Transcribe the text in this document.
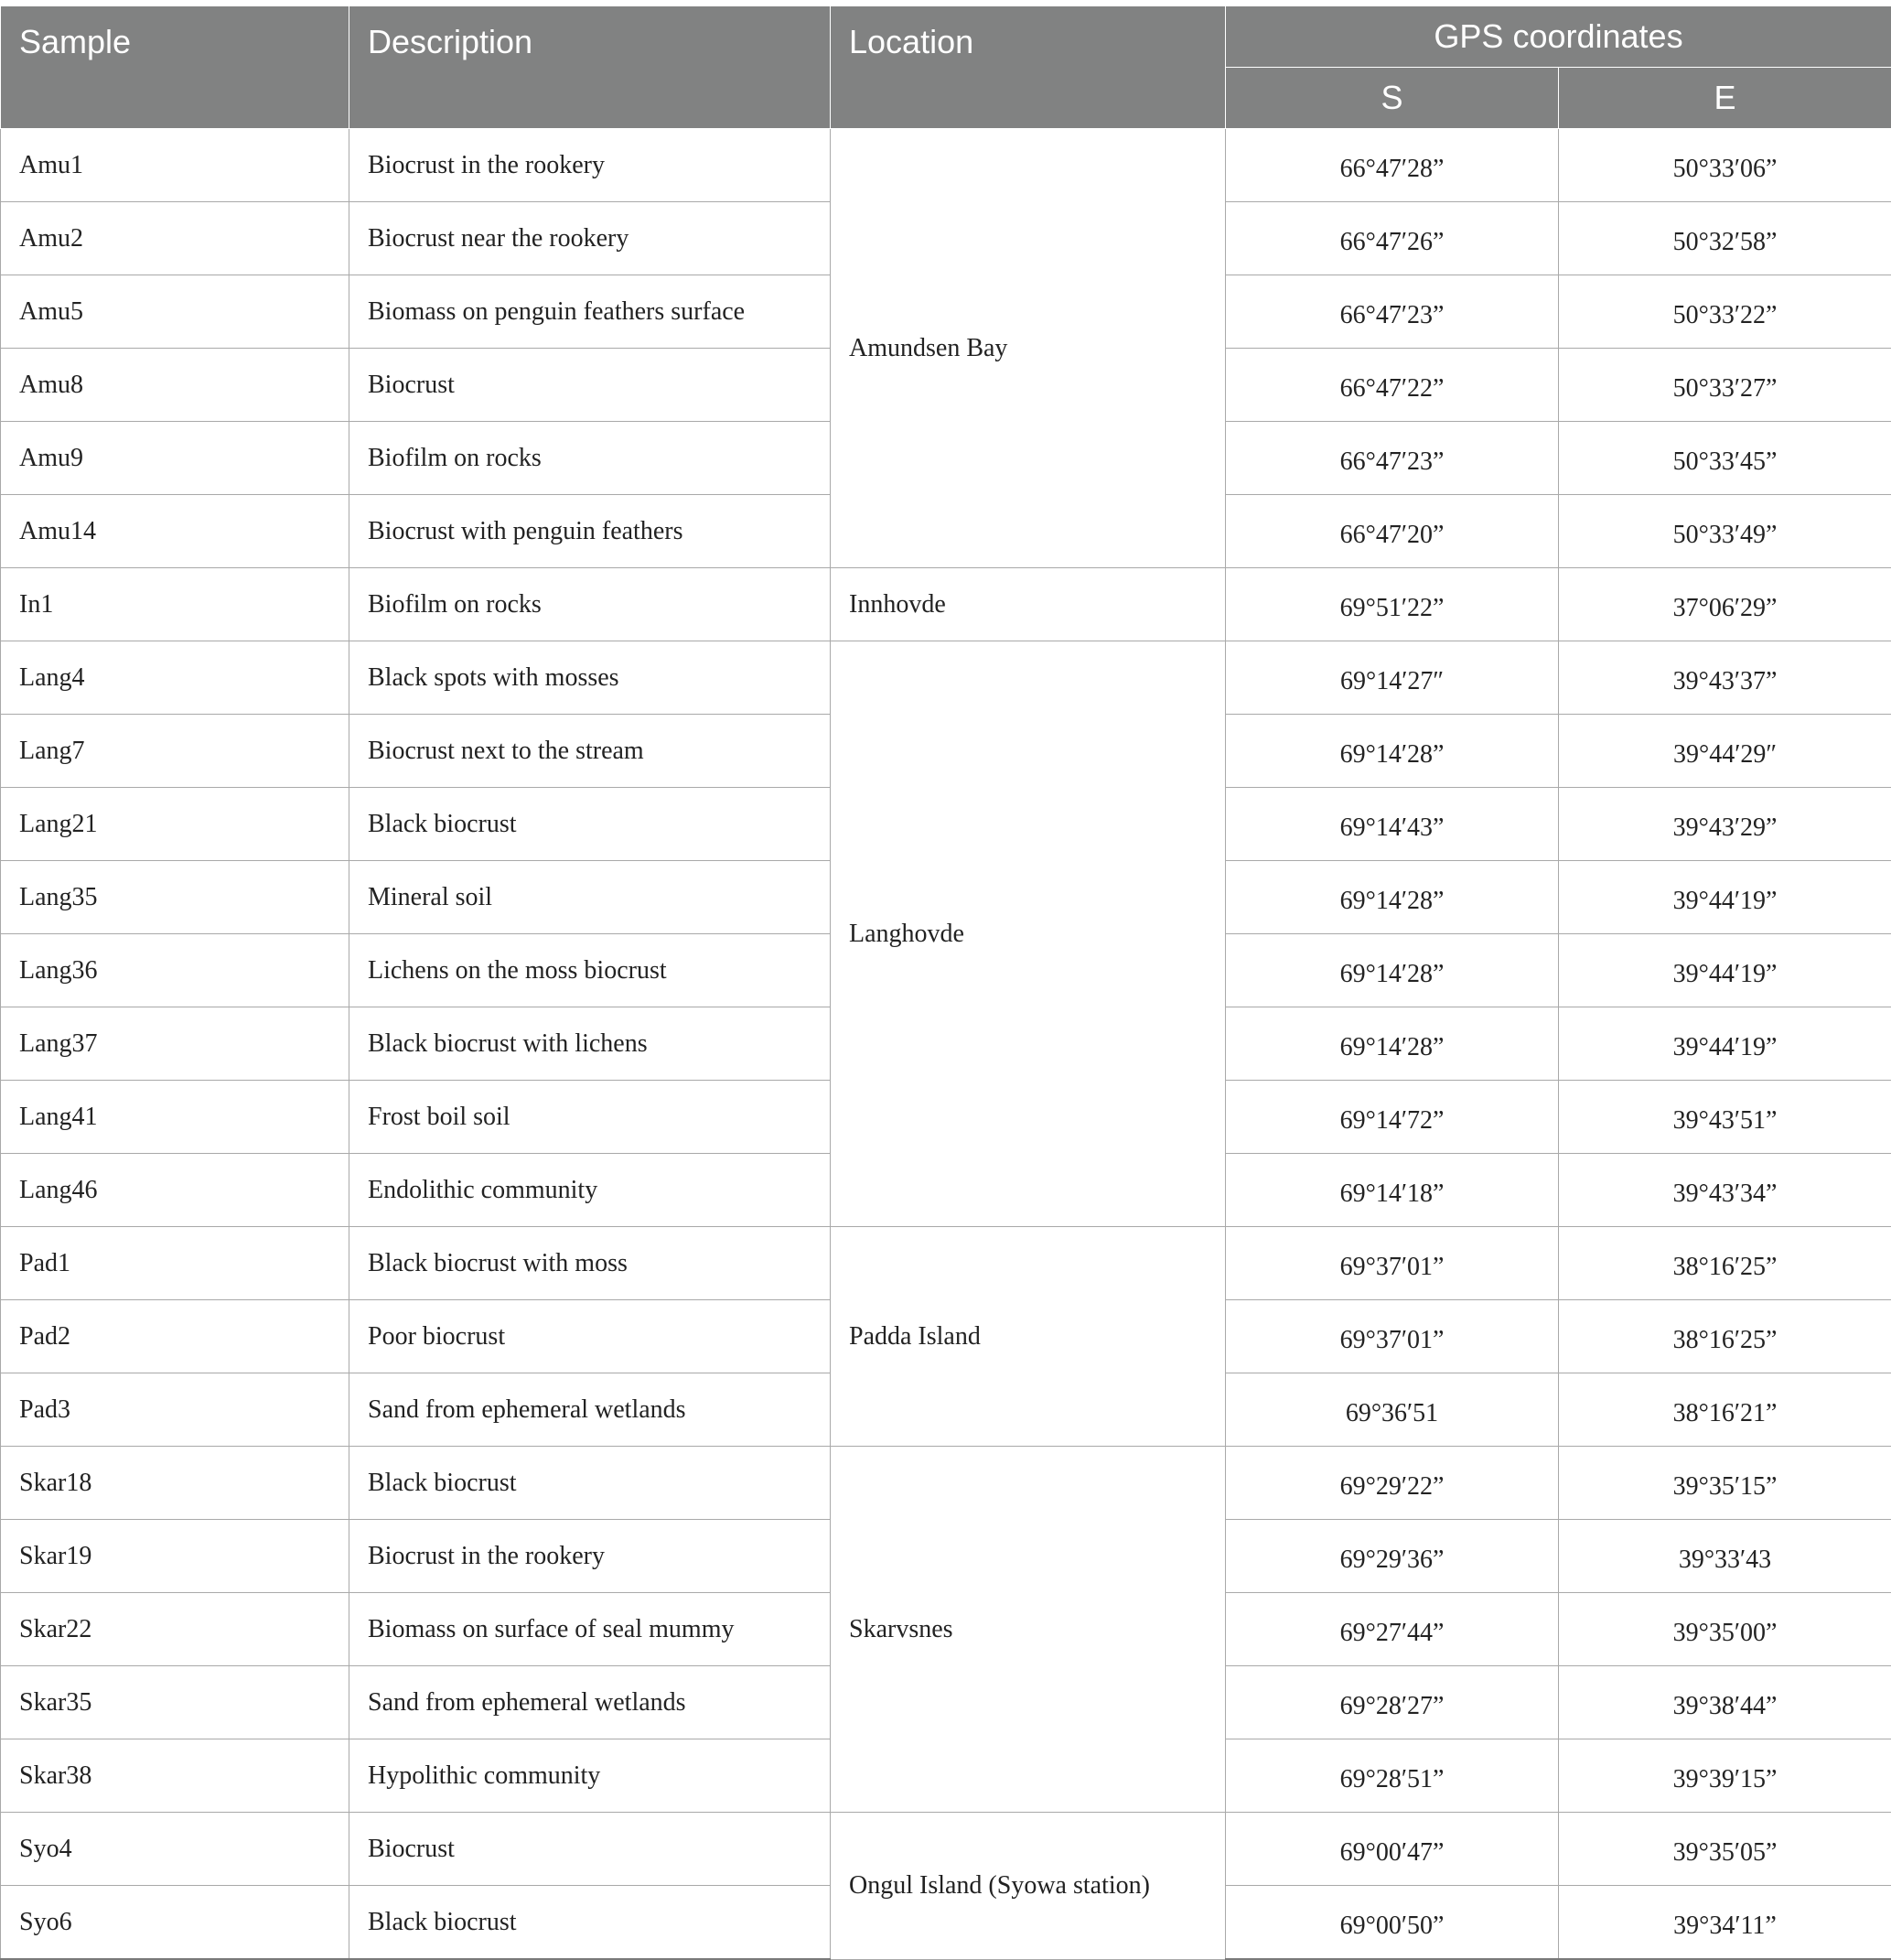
Sample	Description	Location	GPS coordinates	
			S	E
Amu1	Biocrust in the rookery	Amundsen Bay	66°47′28”	50°33′06”
Amu2	Biocrust near the rookery		66°47′26”	50°32′58”
Amu5	Biomass on penguin feathers surface		66°47′23”	50°33′22”
Amu8	Biocrust		66°47′22”	50°33′27”
Amu9	Biofilm on rocks		66°47′23”	50°33′45”
Amu14	Biocrust with penguin feathers		66°47′20”	50°33′49”
In1	Biofilm on rocks	Innhovde	69°51′22”	37°06′29”
Lang4	Black spots with mosses	Langhovde	69°14′27″	39°43′37”
Lang7	Biocrust next to the stream		69°14′28”	39°44′29″
Lang21	Black biocrust		69°14′43”	39°43′29”
Lang35	Mineral soil		69°14′28”	39°44′19”
Lang36	Lichens on the moss biocrust		69°14′28”	39°44′19”
Lang37	Black biocrust with lichens		69°14′28”	39°44′19”
Lang41	Frost boil soil		69°14′72”	39°43′51”
Lang46	Endolithic community		69°14′18”	39°43′34”
Pad1	Black biocrust with moss	Padda Island	69°37′01”	38°16′25”
Pad2	Poor biocrust		69°37′01”	38°16′25”
Pad3	Sand from ephemeral wetlands		69°36′51	38°16′21”
Skar18	Black biocrust	Skarvsnes	69°29′22”	39°35′15”
Skar19	Biocrust in the rookery		69°29′36”	39°33′43
Skar22	Biomass on surface of seal mummy		69°27′44”	39°35′00”
Skar35	Sand from ephemeral wetlands		69°28′27”	39°38′44”
Skar38	Hypolithic community		69°28′51”	39°39′15”
Syo4	Biocrust	Ongul Island (Syowa station)	69°00′47”	39°35′05”
Syo6	Black biocrust		69°00′50”	39°34′11”
